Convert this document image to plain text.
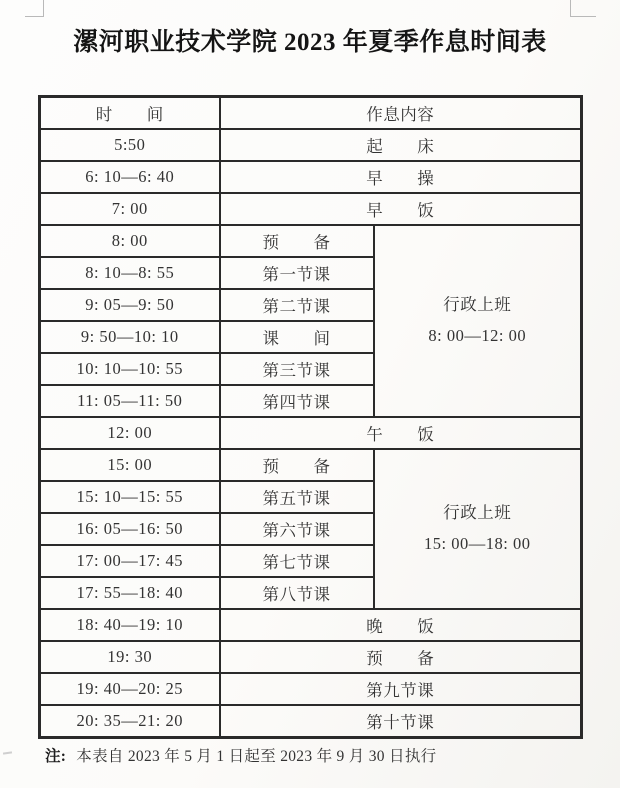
漯河职业技术学院 2023 年夏季作息时间表
时　　间	作息内容	
5:50	起　　床	
6: 10—6: 40	早　　操	
7: 00	早　　饭	
8: 00	预　　备	行政上班
8: 00—12: 00

8: 10—8: 55	第一节课	
9: 05—9: 50	第二节课	
9: 50—10: 10	课　　间	
10: 10—10: 55	第三节课	
11: 05—11: 50	第四节课	
12: 00	午　　饭	
15: 00	预　　备	行政上班
15: 00—18: 00

15: 10—15: 55	第五节课	
16: 05—16: 50	第六节课	
17: 00—17: 45	第七节课	
17: 55—18: 40	第八节课	
18: 40—19: 10	晚　　饭	
19: 30	预　　备	
19: 40—20: 25	第九节课	
20: 35—21: 20	第十节课	

注: 本表自 2023 年 5 月 1 日起至 2023 年 9 月 30 日执行
